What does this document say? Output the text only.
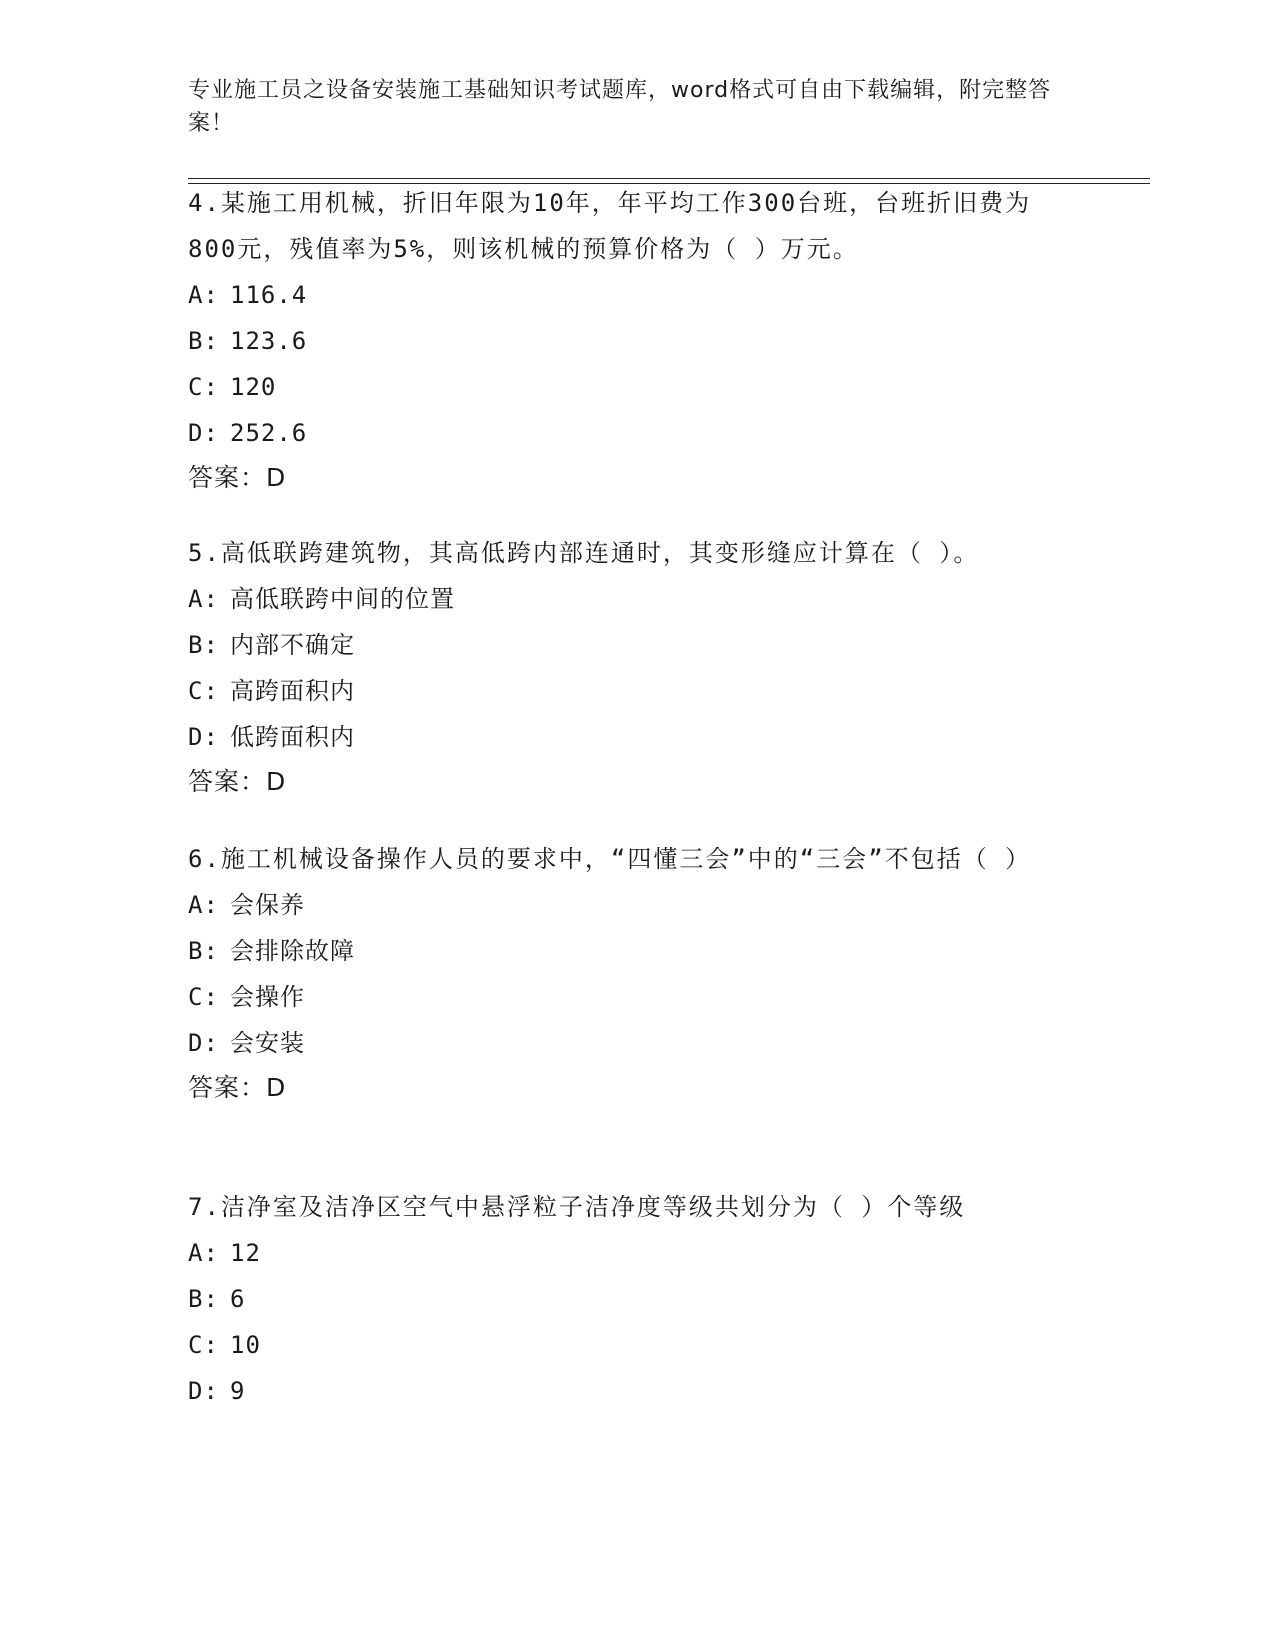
专业施工员之设备安装施工基础知识考试题库，word格式可自由下载编辑，附完整答案！

4.某施工用机械，折旧年限为10年，年平均工作300台班，台班折旧费为800元，残值率为5%，则该机械的预算价格为（ ）万元。

A: 116.4
B: 123.6
C: 120
D: 252.6
答案：D

5.高低联跨建筑物，其高低跨内部连通时，其变形缝应计算在（ ）。

A: 高低联跨中间的位置
B: 内部不确定
C: 高跨面积内
D: 低跨面积内
答案：D

6.施工机械设备操作人员的要求中，“四懂三会”中的“三会”不包括（ ）

A: 会保养
B: 会排除故障
C: 会操作
D: 会安装
答案：D

7.洁净室及洁净区空气中悬浮粒子洁净度等级共划分为（ ）个等级

A: 12
B: 6
C: 10
D: 9
